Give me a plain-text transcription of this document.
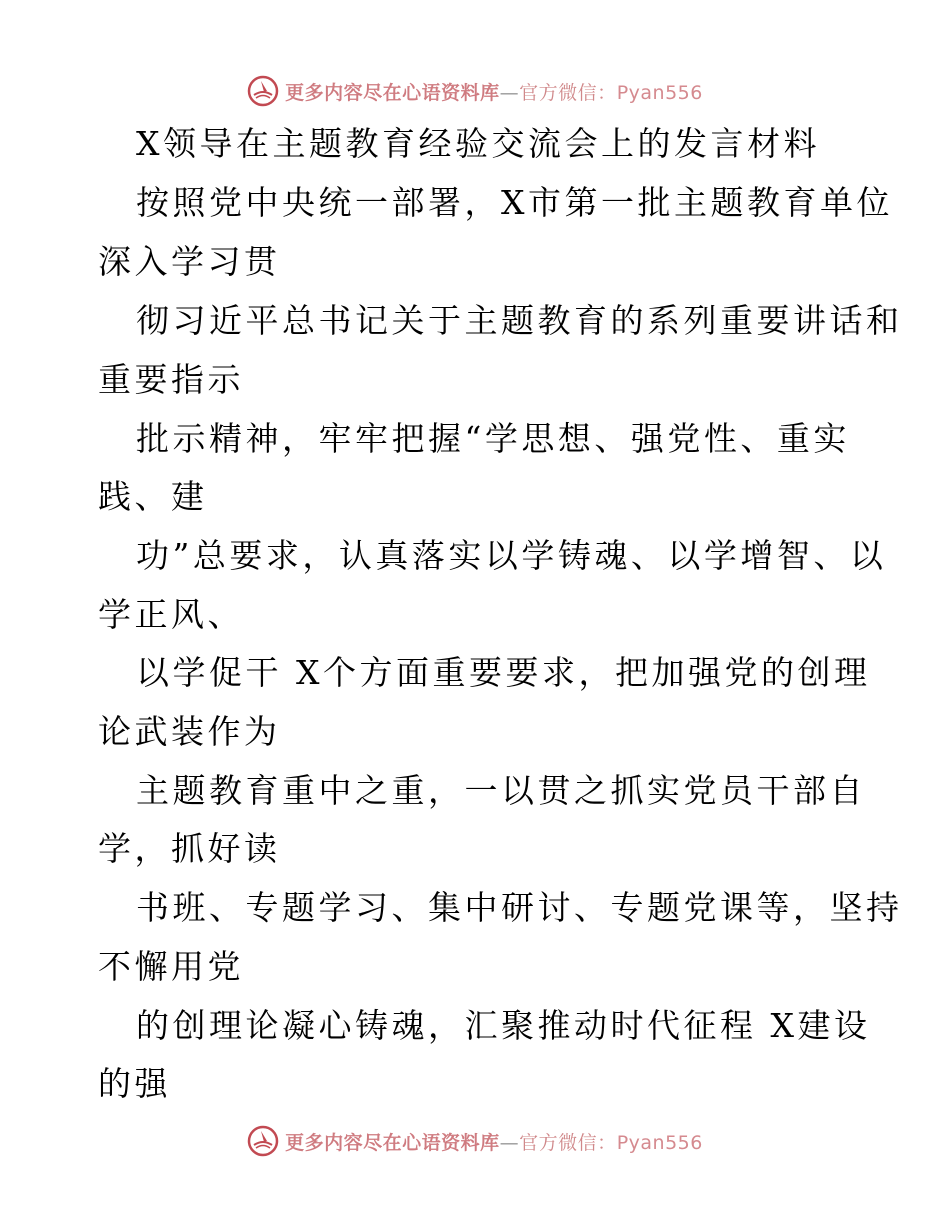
更多内容尽在心语资料库—官方微信：Pyan556
X领导在主题教育经验交流会上的发言材料
按照党中央统一部署，X市第一批主题教育单位
深入学习贯
彻习近平总书记关于主题教育的系列重要讲话和
重要指示
批示精神，牢牢把握“学思想、强党性、重实
践、建
功”总要求，认真落实以学铸魂、以学增智、以
学正风、
以学促干 X个方面重要要求，把加强党的创理
论武装作为
主题教育重中之重，一以贯之抓实党员干部自
学，抓好读
书班、专题学习、集中研讨、专题党课等，坚持
不懈用党
的创理论凝心铸魂，汇聚推动时代征程 X建设
的强
更多内容尽在心语资料库—官方微信：Pyan556
